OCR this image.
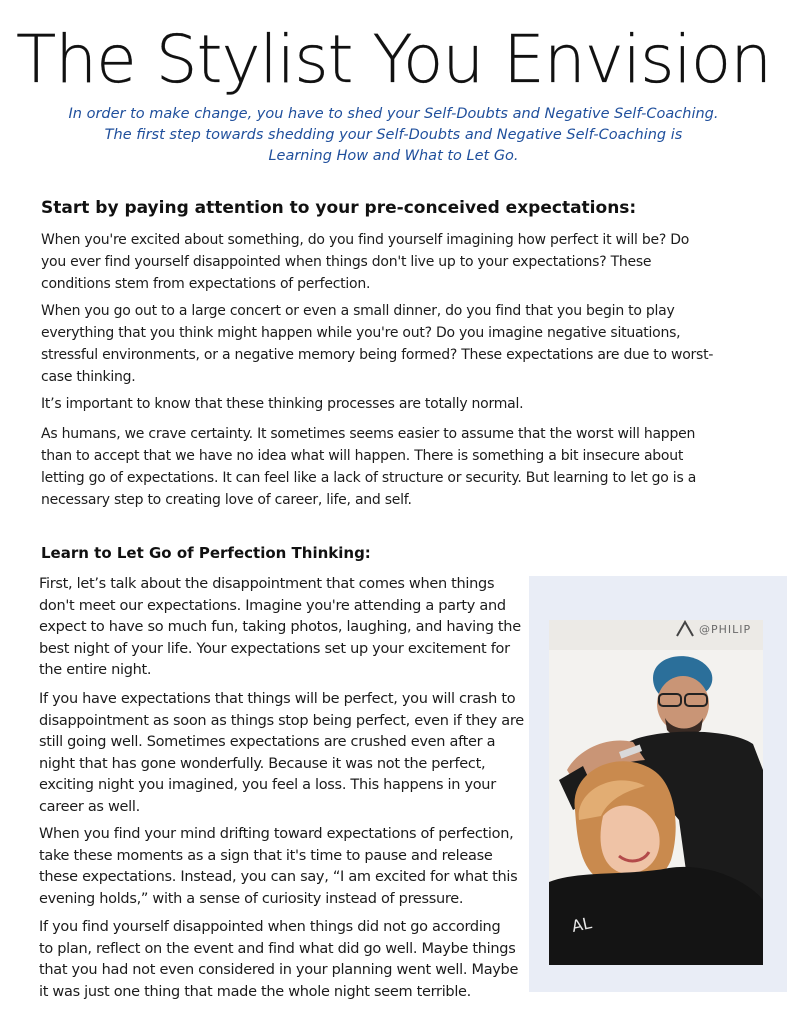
The Stylist You Envision
In order to make change, you have to shed your Self-Doubts and Negative Self-Coaching.
The first step towards shedding your Self-Doubts and Negative Self-Coaching is
Learning How and What to Let Go.
Start by paying attention to your pre-conceived expectations:
When you're excited about something, do you find yourself imagining how perfect it will be? Do
you ever find yourself disappointed when things don't live up to your expectations? These
conditions stem from expectations of perfection.
When you go out to a large concert or even a small dinner, do you find that you begin to play
everything that you think might happen while you're out? Do you imagine negative situations,
stressful environments, or a negative memory being formed? These expectations are due to worst-
case thinking.
It’s important to know that these thinking processes are totally normal.
As humans, we crave certainty. It sometimes seems easier to assume that the worst will happen
than to accept that we have no idea what will happen. There is something a bit insecure about
letting go of expectations. It can feel like a lack of structure or security. But learning to let go is a
necessary step to creating love of career, life, and self.
Learn to Let Go of Perfection Thinking:
First, let’s talk about the disappointment that comes when things
don't meet our expectations. Imagine you're attending a party and
expect to have so much fun, taking photos, laughing, and having the
best night of your life. Your expectations set up your excitement for
the entire night.
If you have expectations that things will be perfect, you will crash to
disappointment as soon as things stop being perfect, even if they are
still going well. Sometimes expectations are crushed even after a
night that has gone wonderfully. Because it was not the perfect,
exciting night you imagined, you feel a loss. This happens in your
career as well.
When you find your mind drifting toward expectations of perfection,
take these moments as a sign that it's time to pause and release
these expectations. Instead, you can say, “I am excited for what this
evening holds,” with a sense of curiosity instead of pressure.
If you find yourself disappointed when things did not go according
to plan, reflect on the event and find what did go well. Maybe things
that you had not even considered in your planning went well. Maybe
it was just one thing that made the whole night seem terrible.
AL
@PHILIP
